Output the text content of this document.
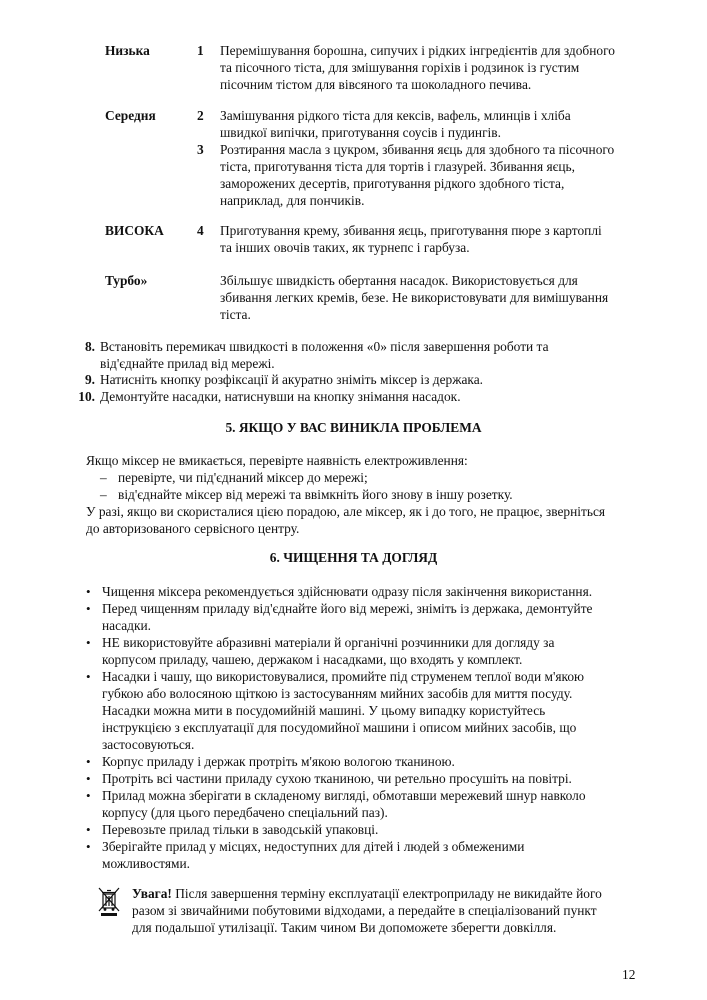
Низька	1 Перемішування борошна, сипучих і рідких інгредієнтів для здобного
та пісочного тіста, для змішування горіхів і родзинок із густим
пісочним тістом для вівсяного та шоколадного печива.
Середня	2 Замішування рідкого тіста для кексів, вафель, млинців і хліба
швидкої випічки, приготування соусів і пудингів.
3 Розтирання масла з цукром, збивання яєць для здобного та пісочного
тіста, приготування тіста для тортів і глазурей. Збивання яєць,
заморожених десертів, приготування рідкого здобного тіста,
наприклад, для пончиків.
ВИСОКА 4 Приготування крему, збивання яєць, приготування пюре з картоплі
та інших овочів таких, як турнепс і гарбуза.
Турбо»	Збільшує швидкість обертання насадок. Використовується для
збивання легких кремів, безе. Не використовувати для вимішування
тіста.
8. Встановіть перемикач швидкості в положення «0» після завершення роботи та
від'єднайте прилад від мережі.
9. Натисніть кнопку розфіксації й акуратно зніміть міксер із держака.
10. Демонтуйте насадки, натиснувши на кнопку знімання насадок.
5. ЯКЩО У ВАС ВИНИКЛА ПРОБЛЕМА
Якщо міксер не вмикається, перевірте наявність електроживлення:
– перевірте, чи під'єднаний міксер до мережі;
– від'єднайте міксер від мережі та ввімкніть його знову в іншу розетку.
У разі, якщо ви скористалися цією порадою, але міксер, як і до того, не працює, зверніться
до авторизованого сервісного центру.
6. ЧИЩЕННЯ ТА ДОГЛЯД
• Чищення міксера рекомендується здійснювати одразу після закінчення використання.
• Перед чищенням приладу від'єднайте його від мережі, зніміть із держака, демонтуйте
насадки.
• НЕ використовуйте абразивні матеріали й органічні розчинники для догляду за
корпусом приладу, чашею, держаком і насадками, що входять у комплект.
• Насадки і чашу, що використовувалися, промийте під струменем теплої води м'якою
губкою або волосяною щіткою із застосуванням мийних засобів для миття посуду.
Насадки можна мити в посудомийній машині. У цьому випадку користуйтесь
інструкцією з експлуатації для посудомийної машини і описом мийних засобів, що
застосовуються.
• Корпус приладу і держак протріть м'якою вологою тканиною.
• Протріть всі частини приладу сухою тканиною, чи ретельно просушіть на повітрі.
• Прилад можна зберігати в складеному вигляді, обмотавши мережевий шнур навколо
корпусу (для цього передбачено спеціальний паз).
• Перевозьте прилад тільки в заводській упаковці.
• Зберігайте прилад у місцях, недоступних для дітей і людей з обмеженими
можливостями.
Увага! Після завершення терміну експлуатації електроприладу не викидайте його
разом зі звичайними побутовими відходами, а передайте в спеціалізований пункт
для подальшої утилізації. Таким чином Ви допоможете зберегти довкілля.
12
